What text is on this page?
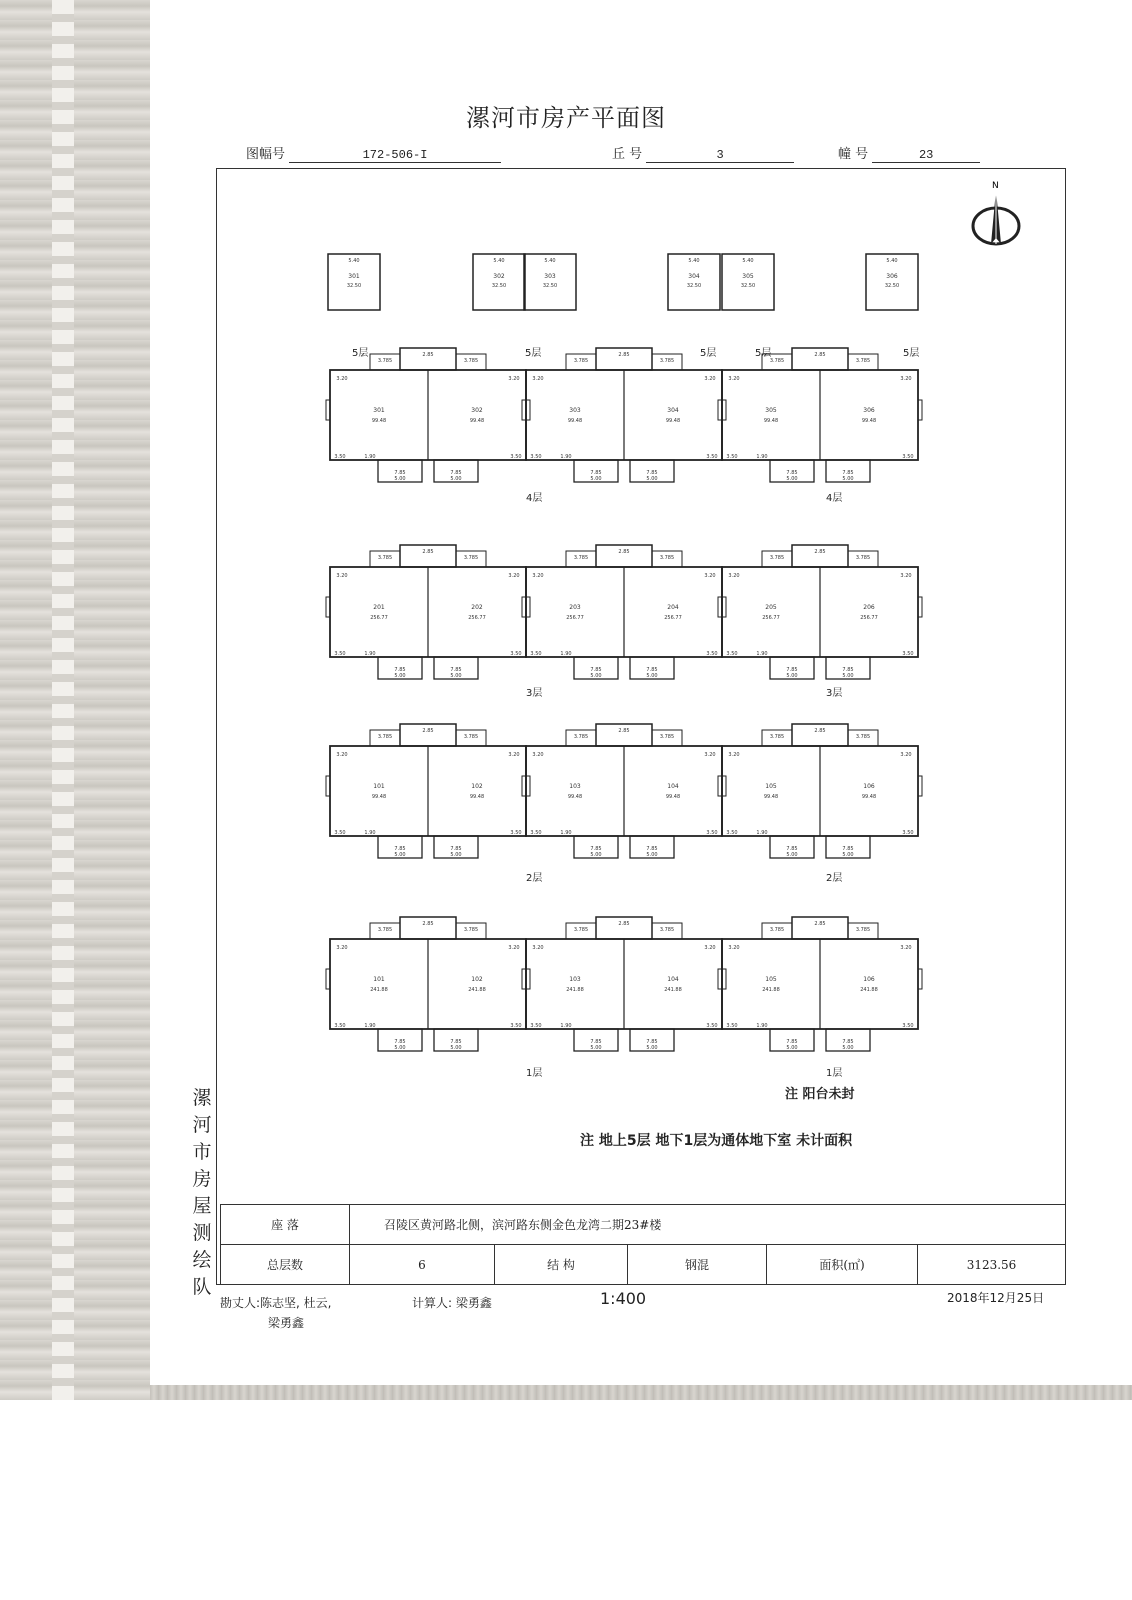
漯河市房产平面图
图幅号	172-506-I	丘 号	3	幢 号	23
N
漯
河
市
房
屋
测
绘
队
5.40
301
32.50
5.40
302
32.50
5.40
303
32.50
5.40
304
32.50
5.40
305
32.50
5.40
306
32.50
301
99.48
302
99.48
3.50	1.90	3.50
7.85	7.85
5.00	5.00
3.785	3.785
2.85
3.20	3.20
303
99.48
304
99.48
3.50	1.90	3.50
7.85	7.85
5.00	5.00
3.785	3.785
2.85
3.20	3.20
305
99.48
306
99.48
3.50	1.90	3.50
7.85	7.85
5.00	5.00
3.785	3.785
2.85
3.20	3.20
201
256.77
202
256.77
3.50	1.90	3.50
7.85	7.85
5.00	5.00
3.785	3.785
2.85
3.20	3.20
203
256.77
204
256.77
3.50	1.90	3.50
7.85	7.85
5.00	5.00
3.785	3.785
2.85
3.20	3.20
205
256.77
206
256.77
3.50	1.90	3.50
7.85	7.85
5.00	5.00
3.785	3.785
2.85
3.20	3.20
101
99.48
102
99.48
3.50	1.90	3.50
7.85	7.85
5.00	5.00
3.785	3.785
2.85
3.20	3.20
103
99.48
104
99.48
3.50	1.90	3.50
7.85	7.85
5.00	5.00
3.785	3.785
2.85
3.20	3.20
105
99.48
106
99.48
3.50	1.90	3.50
7.85	7.85
5.00	5.00
3.785	3.785
2.85
3.20	3.20
101
241.88
102
241.88
3.50	1.90	3.50
7.85	7.85
5.00	5.00
3.785	3.785
2.85
3.20	3.20
103
241.88
104
241.88
3.50	1.90	3.50
7.85	7.85
5.00	5.00
3.785	3.785
2.85
3.20	3.20
105
241.88
106
241.88
3.50	1.90	3.50
7.85	7.85
5.00	5.00
3.785	3.785
2.85
3.20	3.20
5层	5层	5层	5层	5层
4层	4层
3层	3层
2层	2层
1层	1层
注 阳台未封
注 地上5层 地下1层为通体地下室 未计面积
座 落	召陵区黄河路北侧，滨河路东侧金色龙湾二期23#楼				
总层数	6	结 构	钢混	面积(㎡)	3123.56
勘丈人:陈志坚, 杜云,
梁勇鑫
计算人: 梁勇鑫	1:400	2018年12月25日
